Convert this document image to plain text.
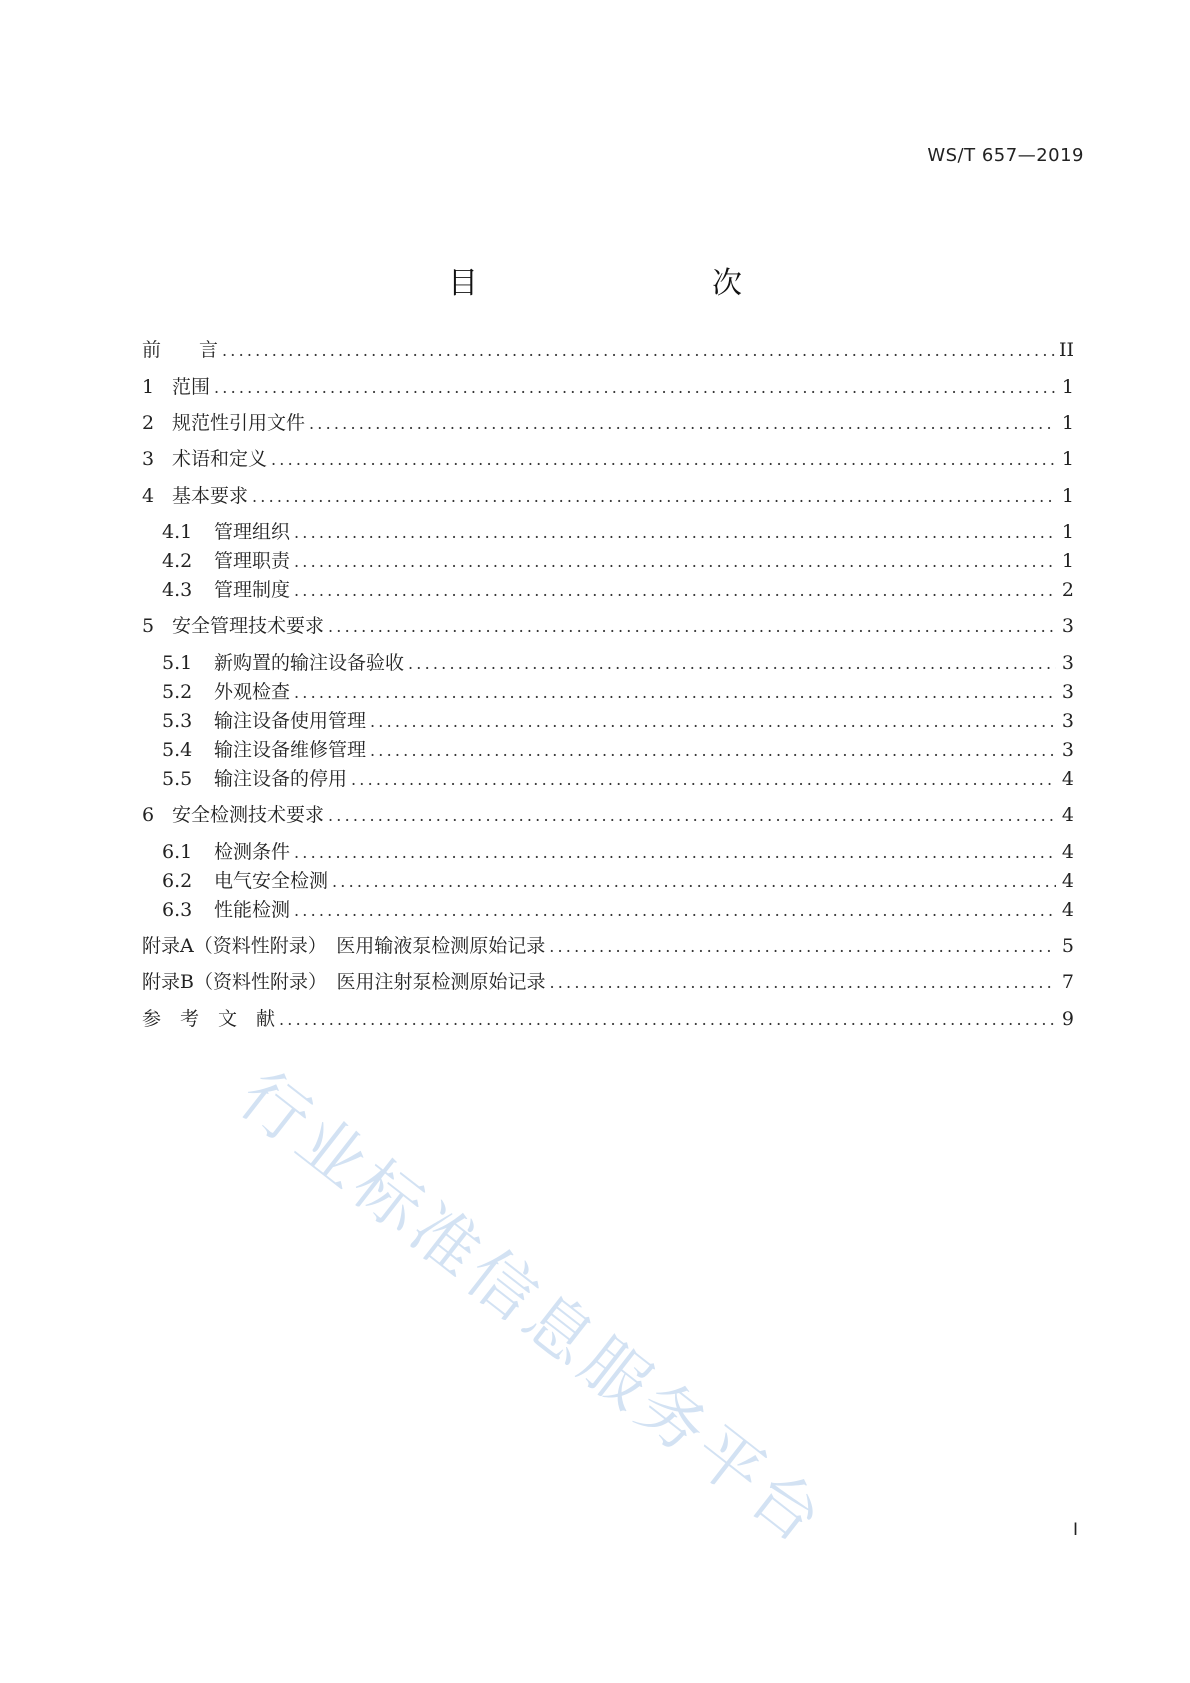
WS/T 657—2019
目　　次
前　　言 .....	II
1 范围 .....	1
2 规范性引用文件 .....	1
3 术语和定义 .....	1
4 基本要求 .....	1
4.1	管理组织 .....	1
4.2	管理职责 .....	1
4.3	管理制度 .....	2
5 安全管理技术要求 .....	3
5.1	新购置的输注设备验收 .....	3
5.2	外观检查 .....	3
5.3	输注设备使用管理 .....	3
5.4	输注设备维修管理 .....	3
5.5	输注设备的停用 .....	4
6 安全检测技术要求 .....	4
6.1	检测条件 .....	4
6.2	电气安全检测 .....	4
6.3	性能检测 .....	4
附录A（资料性附录）　医用输液泵检测原始记录 .....	5
附录B（资料性附录）　医用注射泵检测原始记录 .....	7
参　考　文　献 .....	9
行业标准信息服务平台	I
